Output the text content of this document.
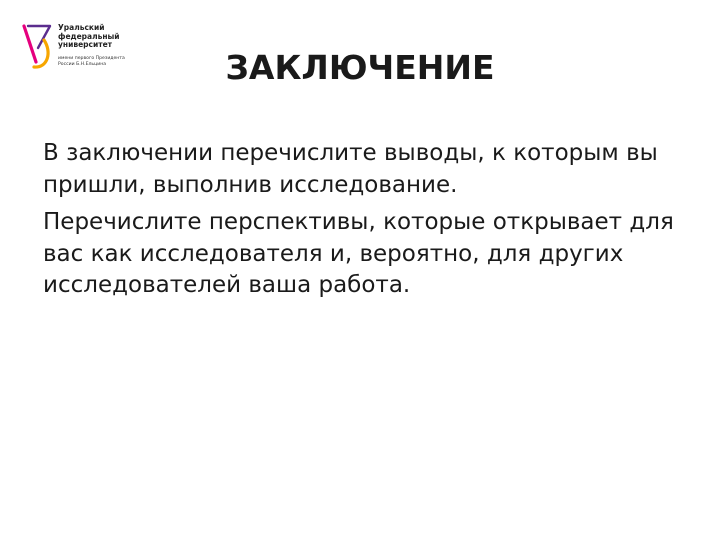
Уральский
федеральный
университет
имени первого Президента
России Б.Н.Ельцина	ЗАКЛЮЧЕНИЕ

В заключении перечислите выводы, к которым вы пришли, выполнив исследование.

Перечислите перспективы, которые открывает для вас как исследователя и, вероятно, для других исследователей ваша работа.
